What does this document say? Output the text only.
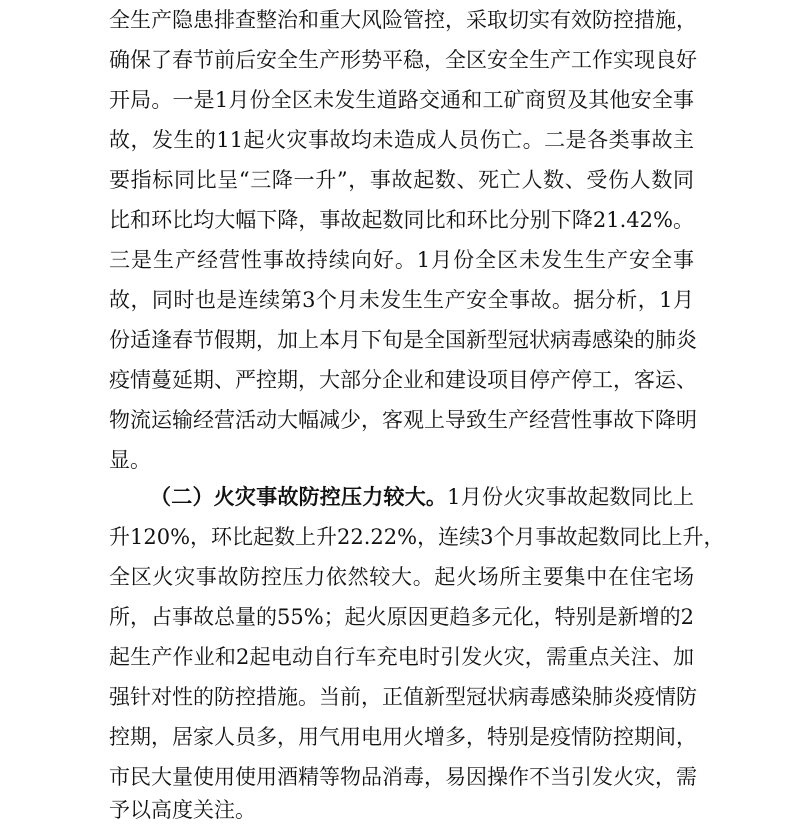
全生产隐患排查整治和重大风险管控，采取切实有效防控措施，
确保了春节前后安全生产形势平稳，全区安全生产工作实现良好
开局。一是1月份全区未发生道路交通和工矿商贸及其他安全事
故，发生的11起火灾事故均未造成人员伤亡。二是各类事故主
要指标同比呈“三降一升”，事故起数、死亡人数、受伤人数同
比和环比均大幅下降，事故起数同比和环比分别下降21.42%。
三是生产经营性事故持续向好。1月份全区未发生生产安全事
故，同时也是连续第3个月未发生生产安全事故。据分析，1月
份适逢春节假期，加上本月下旬是全国新型冠状病毒感染的肺炎
疫情蔓延期、严控期，大部分企业和建设项目停产停工，客运、
物流运输经营活动大幅减少，客观上导致生产经营性事故下降明
显。
（二）火灾事故防控压力较大。1月份火灾事故起数同比上
升120%，环比起数上升22.22%，连续3个月事故起数同比上升，
全区火灾事故防控压力依然较大。起火场所主要集中在住宅场
所，占事故总量的55%；起火原因更趋多元化，特别是新增的2
起生产作业和2起电动自行车充电时引发火灾，需重点关注、加
强针对性的防控措施。当前，正值新型冠状病毒感染肺炎疫情防
控期，居家人员多，用气用电用火增多，特别是疫情防控期间，
市民大量使用使用酒精等物品消毒，易因操作不当引发火灾，需
予以高度关注。
